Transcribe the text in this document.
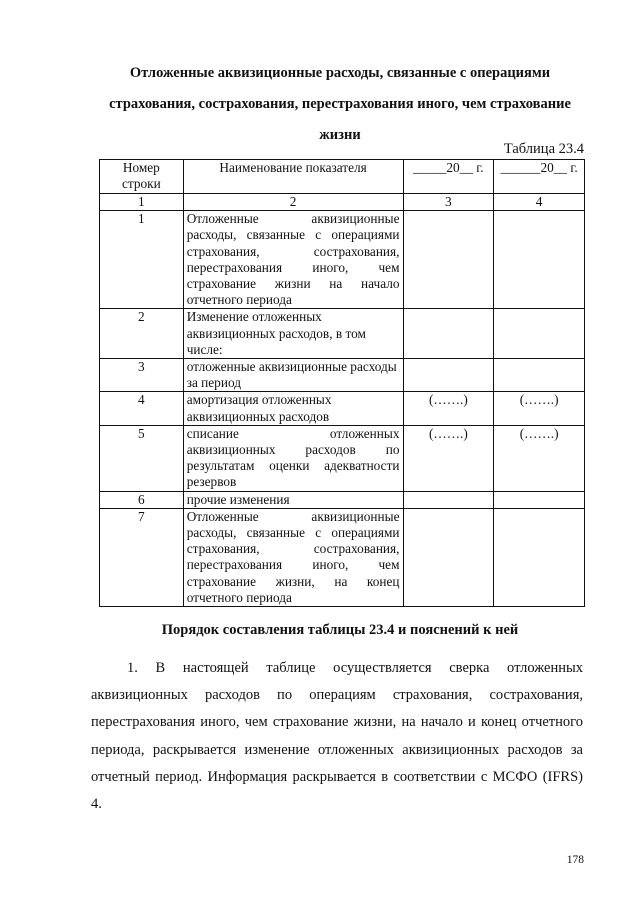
Отложенные аквизиционные расходы, связанные с операциями
страхования, сострахования, перестрахования иного, чем страхование
жизни
Таблица 23.4
Номер строки	Наименование показателя	_____20__ г.	______20__ г.
1	2	3	4
1	Отложенные аквизиционные расходы, связанные с операциями страхования, сострахования, перестрахования иного, чем страхование жизни на начало отчетного периода		
2	Изменение отложенных аквизиционных расходов, в том числе:		
3	отложенные аквизиционные расходы за период		
4	амортизация отложенных аквизиционных расходов	(…….)	(…….)
5	списание отложенных аквизиционных расходов по результатам оценки адекватности резервов	(…….)	(…….)
6	прочие изменения		
7	Отложенные аквизиционные расходы, связанные с операциями страхования, сострахования, перестрахования иного, чем страхование жизни, на конец отчетного периода		
Порядок составления таблицы 23.4 и пояснений к ней
1. В настоящей таблице осуществляется сверка отложенных аквизиционных расходов по операциям страхования, сострахования, перестрахования иного, чем страхование жизни, на начало и конец отчетного периода, раскрывается изменение отложенных аквизиционных расходов за отчетный период. Информация раскрывается в соответствии с МСФО (IFRS) 4.
178
